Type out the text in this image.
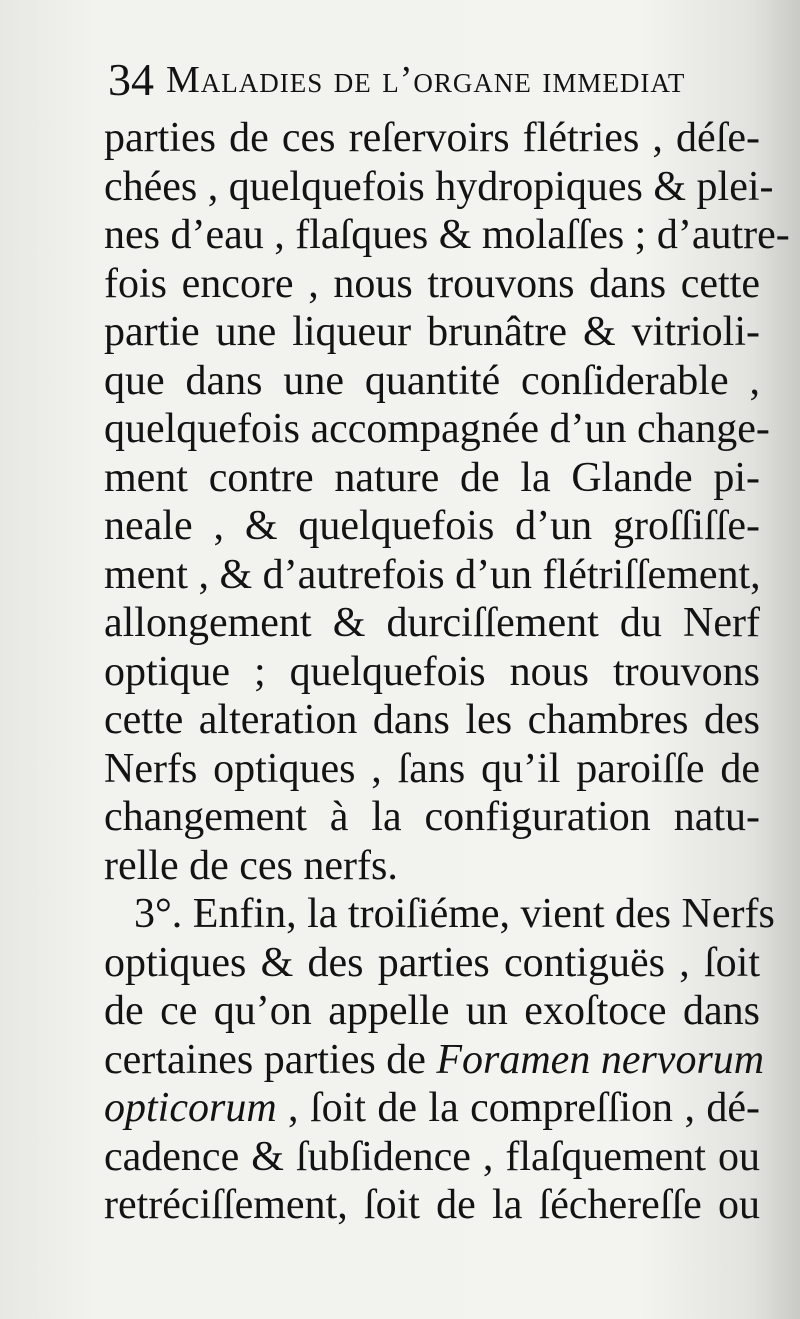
34 Maladies de l’organe immediat
parties de ces reſervoirs flétries , déſe-
chées , quelquefois hydropiques & plei-
nes d’eau , flaſques & molaſſes ; d’autre-
fois encore , nous trouvons dans cette
partie une liqueur brunâtre & vitrioli-
que dans une quantité conſiderable ,
quelquefois accompagnée d’un change-
ment contre nature de la Glande pi-
neale , & quelquefois d’un groſſiſſe-
ment , & d’autrefois d’un flétriſſement,
allongement & durciſſement du Nerf
optique ; quelquefois nous trouvons
cette alteration dans les chambres des
Nerfs optiques , ſans qu’il paroiſſe de
changement à la configuration natu-
relle de ces nerfs.
3°. Enfin, la troiſiéme, vient des Nerfs
optiques & des parties contiguës , ſoit
de ce qu’on appelle un exoſtoce dans
certaines parties de Foramen nervorum
opticorum , ſoit de la compreſſion , dé-
cadence & ſubſidence , flaſquement ou
retréciſſement, ſoit de la ſéchereſſe ou
